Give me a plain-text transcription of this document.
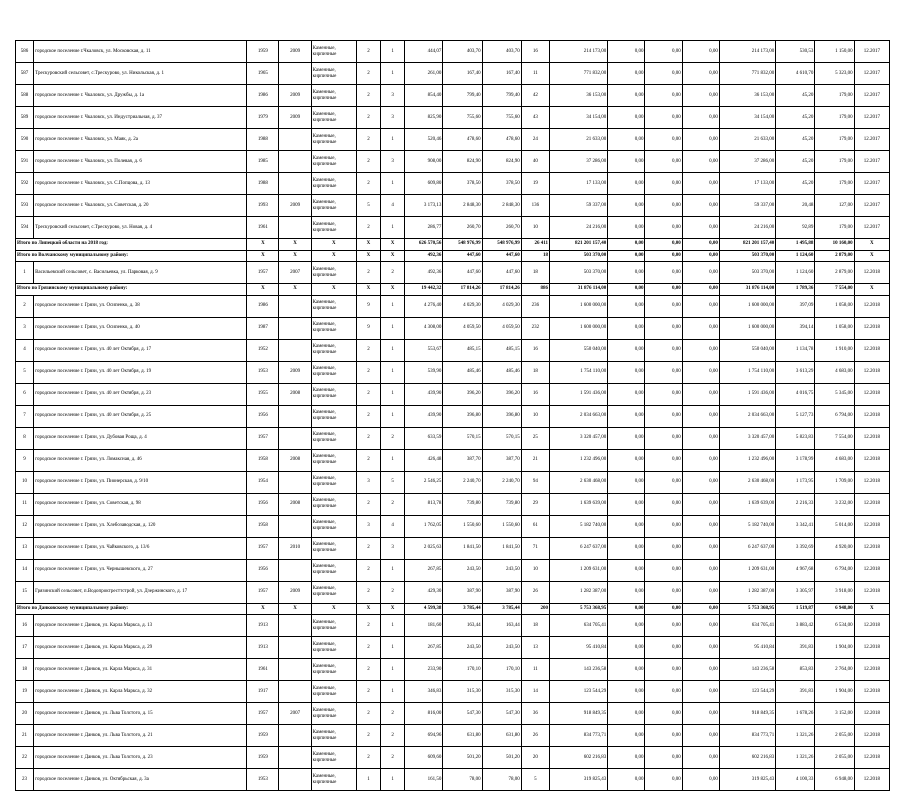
586	городское поселение г.Чкаловск, ул. Московская, д. 11	1959	2009	Каменные, кирпичные	2	1	444,07	403,70	403,70	16	214 173,00	0,00	0,00	0,00	214 173,00	530,53	1 150,00	12.2017
587	Трескуровский сельсовет, с.Трескурово, ул. Никольская, д. 1	1965		Каменные, кирпичные	2	1	261,00	167,40	167,40	11	771 832,00	0,00	0,00	0,00	771 832,00	4 610,70	5 323,00	12.2017
588	городское поселение г. Чкаловск, ул. Дружбы, д. 1а	1986	2009	Каменные, кирпичные	2	3	854,40	799,40	799,40	42	36 153,00	0,00	0,00	0,00	36 153,00	45,20	179,00	12.2017
589	городское поселение г. Чкаловск, ул. Индустриальная, д. 37	1979	2009	Каменные, кирпичные	2	3	825,90	755,60	755,60	43	34 154,00	0,00	0,00	0,00	34 154,00	45,20	179,00	12.2017
590	городское поселение г. Чкаловск, ул. Маяк, д. 2а	1988		Каменные, кирпичные	2	1	520,46	478,60	478,60	24	21 633,00	0,00	0,00	0,00	21 633,00	45,20	179,00	12.2017
591	городское поселение г. Чкаловск, ул. Полевая, д. 6	1985		Каменные, кирпичные	2	3	908,00	824,90	824,90	40	37 286,00	0,00	0,00	0,00	37 286,00	45,20	179,00	12.2017
592	городское поселение г. Чкаловск, ул. С.Попцова, д. 13	1988		Каменные, кирпичные	2	1	609,80	378,50	378,50	19	17 133,00	0,00	0,00	0,00	17 133,00	45,20	179,00	12.2017
593	городское поселение г. Чкаловск, ул. Советская, д. 20	1993	2009	Каменные, кирпичные	5	4	3 173,13	2 848,30	2 848,30	136	59 337,00	0,00	0,00	0,00	59 337,00	20,48	127,00	12.2017
594	Трескуровский сельсовет, с.Трескурово, ул. Новая, д. 4	1961		Каменные, кирпичные	2	1	286,77	260,70	260,70	10	24 216,00	0,00	0,00	0,00	24 216,00	92,89	179,00	12.2017
Итого по Липецкой области на 2018 год:		X	X	X	X	X	626 570,56	548 976,99	548 976,99	26 411	821 201 157,40	0,00	0,00	0,00	821 201 157,40	1 495,88	10 160,00	X
Итого по Волчанскому муниципальному району:		X	X	X	X	X	492,36	447,60	447,60	18	503 370,00	0,00	0,00	0,00	503 370,00	1 124,60	2 879,00	X
1	Васильевский сельсовет, с. Васильевка, ул. Парковая, д. 9	1957	2007	Каменные, кирпичные	2	2	492,36	447,60	447,60	18	503 370,00	0,00	0,00	0,00	503 370,00	1 124,60	2 879,00	12.2018
Итого по Грязинскому муниципальному району:		X	X	X	X	X	19 442,32	17 814,26	17 814,26	886	31 876 114,00	0,00	0,00	0,00	31 876 114,00	1 789,36	7 554,00	X
2	городское поселение г. Грязи, ул. Осипенко, д. 38	1986		Каменные, кирпичные	9	1	4 276,40	4 029,30	4 029,30	236	1 600 000,00	0,00	0,00	0,00	1 600 000,00	397,09	1 058,00	12.2018
3	городское поселение г. Грязи, ул. Осипенко, д. 40	1987		Каменные, кирпичные	9	1	4 308,00	4 059,50	4 059,50	232	1 600 000,00	0,00	0,00	0,00	1 600 000,00	394,14	1 058,00	12.2018
4	городское поселение г. Грязи, ул. 40 лет Октября, д. 17	1952		Каменные, кирпичные	2	1	553,67	485,15	485,15	16	550 040,00	0,00	0,00	0,00	550 040,00	1 134,78	1 910,00	12.2018
5	городское поселение г. Грязи, ул. 40 лет Октября, д. 19	1953	2009	Каменные, кирпичные	2	1	539,90	485,46	485,46	18	1 754 110,00	0,00	0,00	0,00	1 754 110,00	3 613,29	4 683,00	12.2018
6	городское поселение г. Грязи, ул. 40 лет Октября, д. 23	1955	2008	Каменные, кирпичные	2	1	439,90	396,20	396,20	16	1 591 436,00	0,00	0,00	0,00	1 591 436,00	4 016,75	5 345,00	12.2018
7	городское поселение г. Грязи, ул. 40 лет Октября, д. 25	1956		Каменные, кирпичные	2	1	439,90	396,80	396,80	10	2 034 663,00	0,00	0,00	0,00	2 034 663,00	5 127,73	6 794,00	12.2018
8	городское поселение г. Грязи, ул. Дубовая Роща, д. 4	1957		Каменные, кирпичные	2	2	633,59	570,15	570,15	25	3 320 457,00	0,00	0,00	0,00	3 320 457,00	5 823,83	7 554,00	12.2018
9	городское поселение г. Грязи, ул. Ломаксная, д. 46	1958	2008	Каменные, кирпичные	2	1	426,48	387,70	387,70	21	1 232 496,00	0,00	0,00	0,00	1 232 496,00	3 178,99	4 683,00	12.2018
10	городское поселение г. Грязи, ул. Пионерская, д. 9/10	1954		Каменные, кирпичные	3	5	2 546,25	2 240,70	2 240,70	94	2 630 468,00	0,00	0,00	0,00	2 630 468,00	1 173,95	1 709,00	12.2018
11	городское поселение г. Грязи, ул. Советская, д. 98	1956	2008	Каменные, кирпичные	2	2	813,78	739,80	739,80	29	1 639 639,00	0,00	0,00	0,00	1 639 639,00	2 216,33	3 232,00	12.2018
12	городское поселение г. Грязи, ул. Хлебозаводская, д. 120	1958		Каменные, кирпичные	3	4	1 762,05	1 550,60	1 550,60	61	5 182 740,00	0,00	0,00	0,00	5 182 740,00	3 342,41	5 014,00	12.2018
13	городское поселение г. Грязи, ул. Чайковского, д. 13/6	1957	2010	Каменные, кирпичные	2	3	2 025,63	1 841,50	1 841,50	71	6 247 637,00	0,00	0,00	0,00	6 247 637,00	3 392,69	4 920,00	12.2018
14	городское поселение г. Грязи, ул. Чернышевского, д. 27	1956		Каменные, кирпичные	2	1	267,85	243,50	243,50	10	1 209 631,00	0,00	0,00	0,00	1 209 631,00	4 967,68	6 794,00	12.2018
15	Грязинский сельсовет, п.Водопроктресттстрой, ул. Дзержинского, д. 17	1957	2009	Каменные, кирпичные	2	2	429,30	387,90	387,90	26	1 282 387,00	0,00	0,00	0,00	1 282 387,00	3 305,97	3 918,00	12.2018
Итого по Данковскому муниципальному району:		X	X	X	X	X	4 599,38	3 785,44	3 785,44	200	5 753 368,95	0,00	0,00	0,00	5 753 368,95	1 519,87	6 948,00	X
16	городское поселение г. Данков, ул. Карла Маркса, д. 13	1913		Каменные, кирпичные	2	1	181,60	163,44	163,44	18	634 705,41	0,00	0,00	0,00	634 705,41	3 883,42	6 534,00	12.2018
17	городское поселение г. Данков, ул. Карла Маркса, д. 29	1913		Каменные, кирпичные	2	1	267,85	243,50	243,50	13	95 410,84	0,00	0,00	0,00	95 410,84	391,83	1 904,00	12.2018
18	городское поселение г. Данков, ул. Карла Маркса, д. 31	1961		Каменные, кирпичные	2	1	233,90	170,10	170,10	11	143 236,58	0,00	0,00	0,00	143 236,58	853,83	2 764,00	12.2018
19	городское поселение г. Данков, ул. Карла Маркса, д. 32	1917		Каменные, кирпичные	2	1	346,83	315,30	315,30	14	123 544,29	0,00	0,00	0,00	123 544,29	391,83	1 904,00	12.2018
20	городское поселение г. Данков, ул. Льва Толстого, д. 15	1957	2007	Каменные, кирпичные	2	2	816,00	547,30	547,30	36	918 849,35	0,00	0,00	0,00	918 849,35	1 678,26	3 152,00	12.2018
21	городское поселение г. Данков, ул. Льва Толстого, д. 21	1959		Каменные, кирпичные	2	2	694,96	631,80	631,80	26	834 773,71	0,00	0,00	0,00	834 773,71	1 321,26	2 055,00	12.2018
22	городское поселение г. Данков, ул. Льва Толстого, д. 23	1959		Каменные, кирпичные	2	2	609,60	501,20	501,20	20	602 216,83	0,00	0,00	0,00	602 216,83	1 321,26	2 055,00	12.2018
23	городское поселение г. Данков, ул. Октябрьская, д. 3а	1953		Каменные, кирпичные	1	1	161,50	78,00	78,00	5	319 825,43	0,00	0,00	0,00	319 825,43	4 100,33	6 948,00	12.2018
